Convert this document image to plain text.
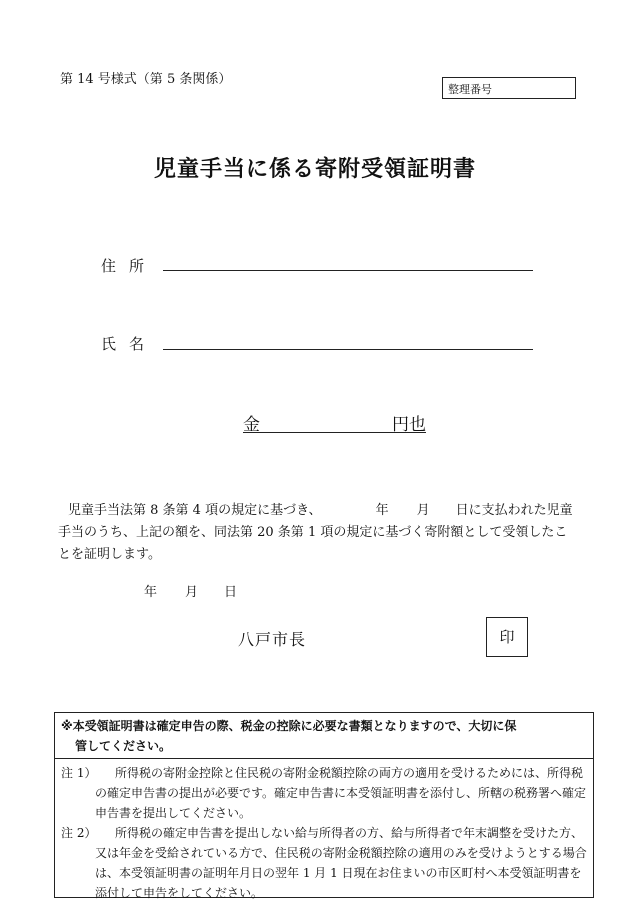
第 14 号様式（第 5 条関係）
整理番号
児童手当に係る寄附受領証明書
住所
氏名
金	円也
児童手当法第 8 条第 4 項の規定に基づき、	年 月 日に支払われた児童手当のうち、上記の額を、同法第 20 条第 1 項の規定に基づく寄附額として受領したことを証明します。
年 月 日
八戸市長	印
※本受領証明書は確定申告の際、税金の控除に必要な書類となりますので、大切に保
管してください。
注 1）	所得税の寄附金控除と住民税の寄附金税額控除の両方の適用を受けるためには、所得税の確定申告書の提出が必要です。確定申告書に本受領証明書を添付し、所轄の税務署へ確定申告書を提出してください。
注 2）	所得税の確定申告書を提出しない給与所得者の方、給与所得者で年末調整を受けた方、又は年金を受給されている方で、住民税の寄附金税額控除の適用のみを受けようとする場合は、本受領証明書の証明年月日の翌年 1 月 1 日現在お住まいの市区町村へ本受領証明書を添付して申告をしてください。
